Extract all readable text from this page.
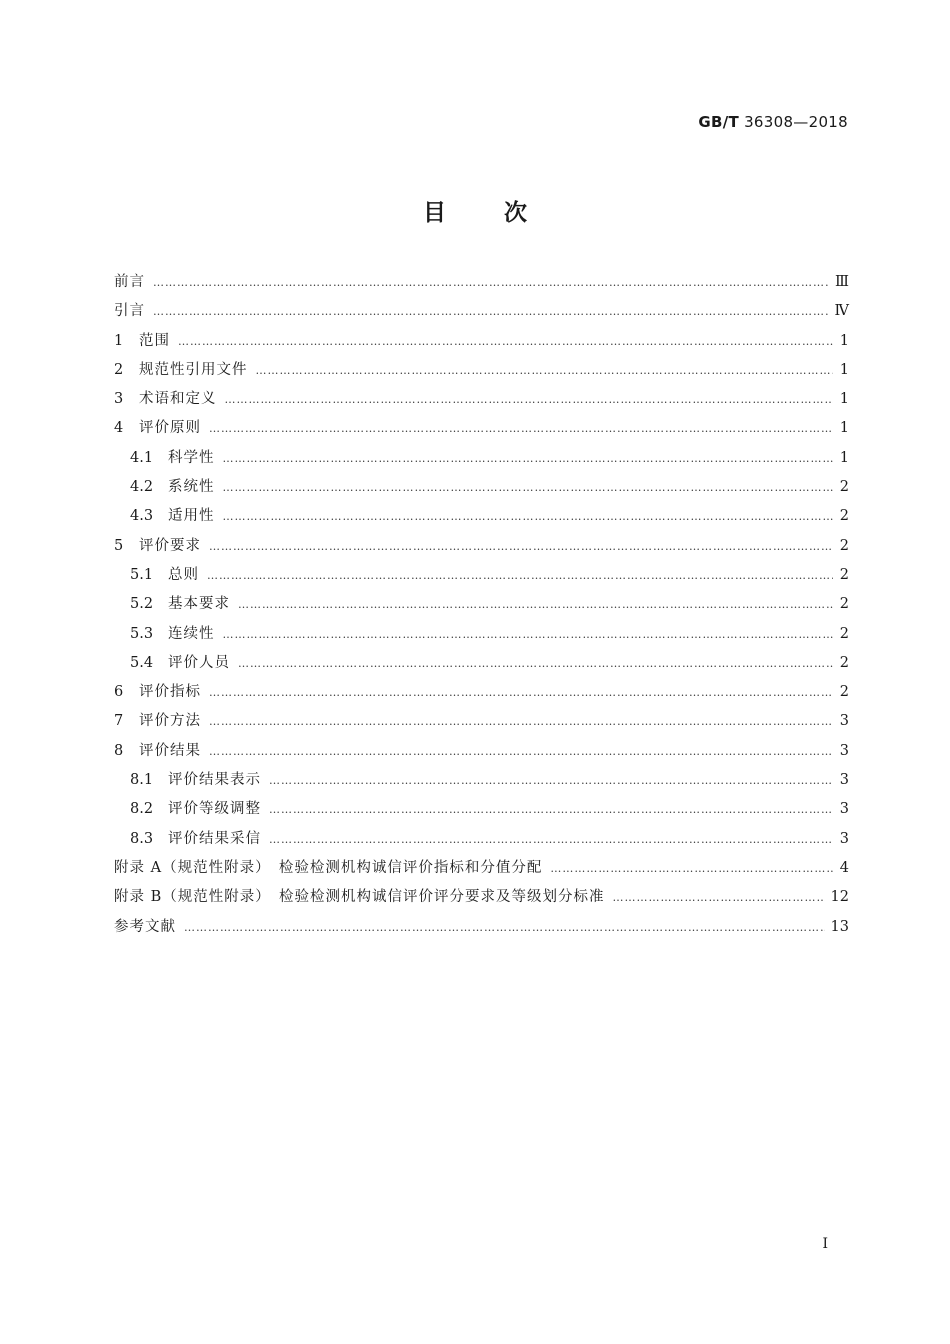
GB/T 36308—2018
目	次
前言 …………………………………………………………………………………………………………………………………………………………………………………………………………………………………………………	Ⅲ
引言 …………………………………………………………………………………………………………………………………………………………………………………………………………………………………………………	Ⅳ
1	范围 …………………………………………………………………………………………………………………………………………………………………………………………………………………………………………………	1
2	规范性引用文件 …………………………………………………………………………………………………………………………………………………………………………………………………………………………………………………	1
3	术语和定义 …………………………………………………………………………………………………………………………………………………………………………………………………………………………………………………	1
4	评价原则 …………………………………………………………………………………………………………………………………………………………………………………………………………………………………………………	1
4.1	科学性 …………………………………………………………………………………………………………………………………………………………………………………………………………………………………………………	1
4.2	系统性 …………………………………………………………………………………………………………………………………………………………………………………………………………………………………………………	2
4.3	适用性 …………………………………………………………………………………………………………………………………………………………………………………………………………………………………………………	2
5	评价要求 …………………………………………………………………………………………………………………………………………………………………………………………………………………………………………………	2
5.1	总则 …………………………………………………………………………………………………………………………………………………………………………………………………………………………………………………	2
5.2	基本要求 …………………………………………………………………………………………………………………………………………………………………………………………………………………………………………………	2
5.3	连续性 …………………………………………………………………………………………………………………………………………………………………………………………………………………………………………………	2
5.4	评价人员 …………………………………………………………………………………………………………………………………………………………………………………………………………………………………………………	2
6	评价指标 …………………………………………………………………………………………………………………………………………………………………………………………………………………………………………………	2
7	评价方法 …………………………………………………………………………………………………………………………………………………………………………………………………………………………………………………	3
8	评价结果 …………………………………………………………………………………………………………………………………………………………………………………………………………………………………………………	3
8.1	评价结果表示 …………………………………………………………………………………………………………………………………………………………………………………………………………………………………………………	3
8.2	评价等级调整 …………………………………………………………………………………………………………………………………………………………………………………………………………………………………………………	3
8.3	评价结果采信 …………………………………………………………………………………………………………………………………………………………………………………………………………………………………………………	3
附录 A（规范性附录）　检验检测机构诚信评价指标和分值分配 …………………………………………………………………………………………………………………………………………………………………………………………………………………………………………………	4
附录 B（规范性附录）　检验检测机构诚信评价评分要求及等级划分标准 …………………………………………………………………………………………………………………………………………………………………………………………………………………………………………………	12
参考文献 …………………………………………………………………………………………………………………………………………………………………………………………………………………………………………………	13
Ⅰ
